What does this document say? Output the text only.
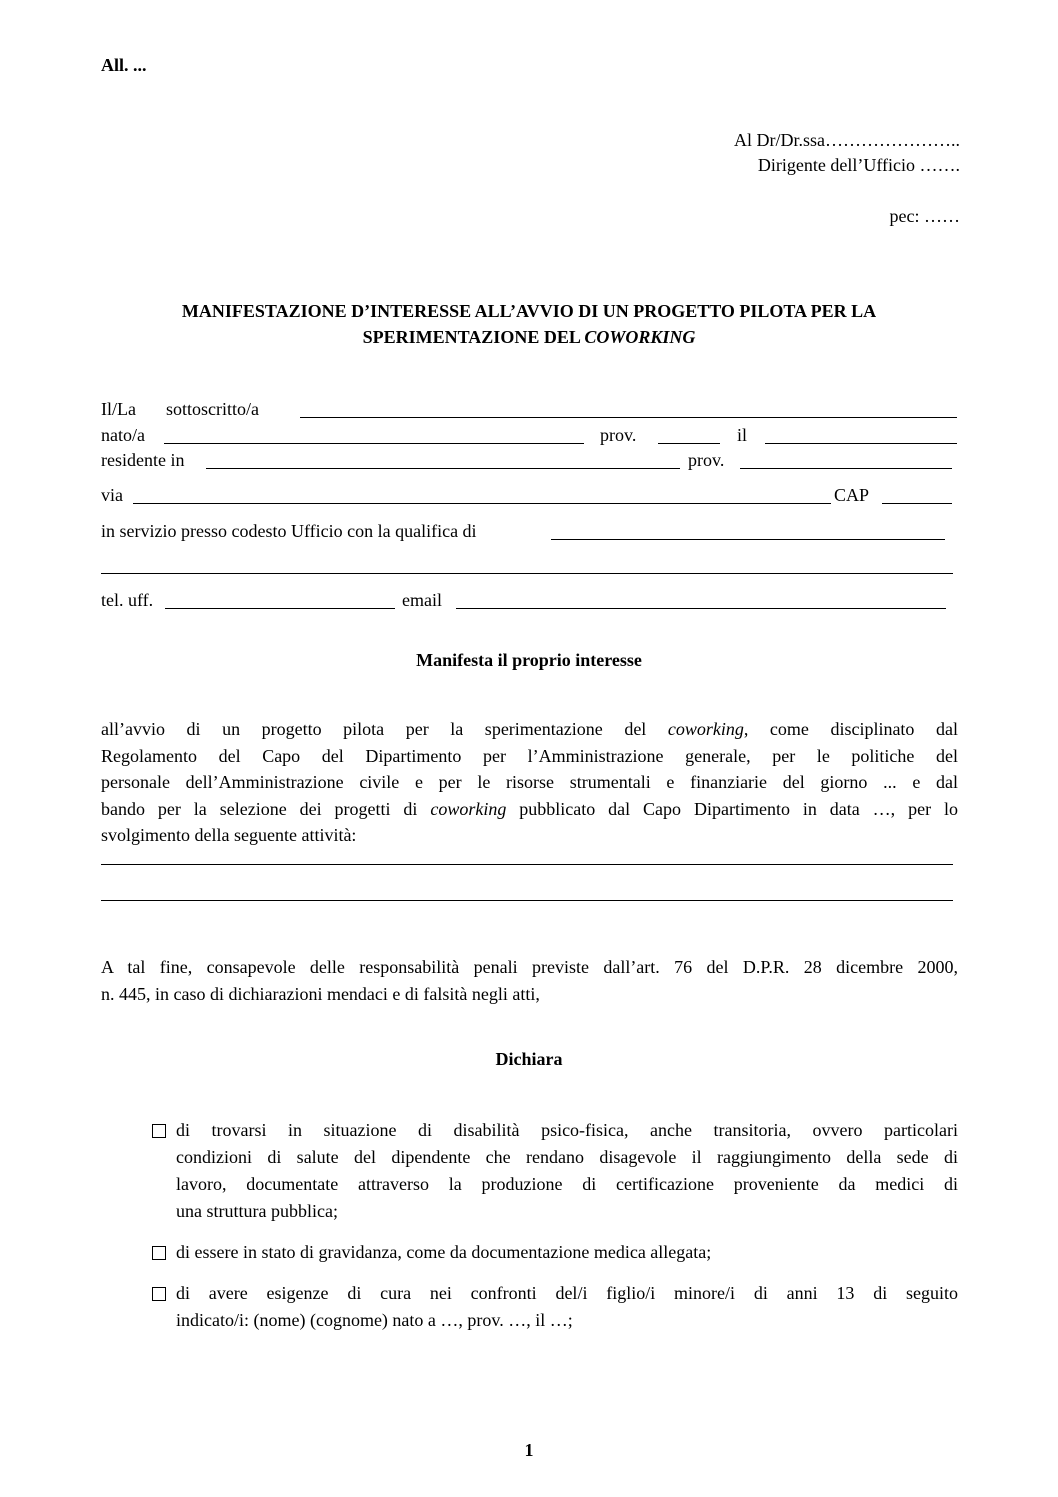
All. ...
Al Dr/Dr.ssa…………………..
Dirigente dell’Ufficio …….
pec: ……
MANIFESTAZIONE D’INTERESSE ALL’AVVIO DI UN PROGETTO PILOTA PER LA
SPERIMENTAZIONE DEL COWORKING
Il/La sottoscritto/a
nato/a	prov.	il
residente in	prov.
via	CAP
in servizio presso codesto Ufficio con la qualifica di
tel. uff.	email
Manifesta il proprio interesse
all’avvio di un progetto pilota per la sperimentazione del coworking, come disciplinato dal
Regolamento del Capo del Dipartimento per l’Amministrazione generale, per le politiche del
personale dell’Amministrazione civile e per le risorse strumentali e finanziarie del giorno ... e dal
bando per la selezione dei progetti di coworking pubblicato dal Capo Dipartimento in data …, per lo
svolgimento della seguente attività:
A tal fine, consapevole delle responsabilità penali previste dall’art. 76 del D.P.R. 28 dicembre 2000,
n. 445, in caso di dichiarazioni mendaci e di falsità negli atti,
Dichiara
di trovarsi in situazione di disabilità psico-fisica, anche transitoria, ovvero particolari
condizioni di salute del dipendente che rendano disagevole il raggiungimento della sede di
lavoro, documentate attraverso la produzione di certificazione proveniente da medici di
una struttura pubblica;
di essere in stato di gravidanza, come da documentazione medica allegata;
di avere esigenze di cura nei confronti del/i figlio/i minore/i di anni 13 di seguito
indicato/i: (nome) (cognome) nato a …, prov. …, il …;
1
